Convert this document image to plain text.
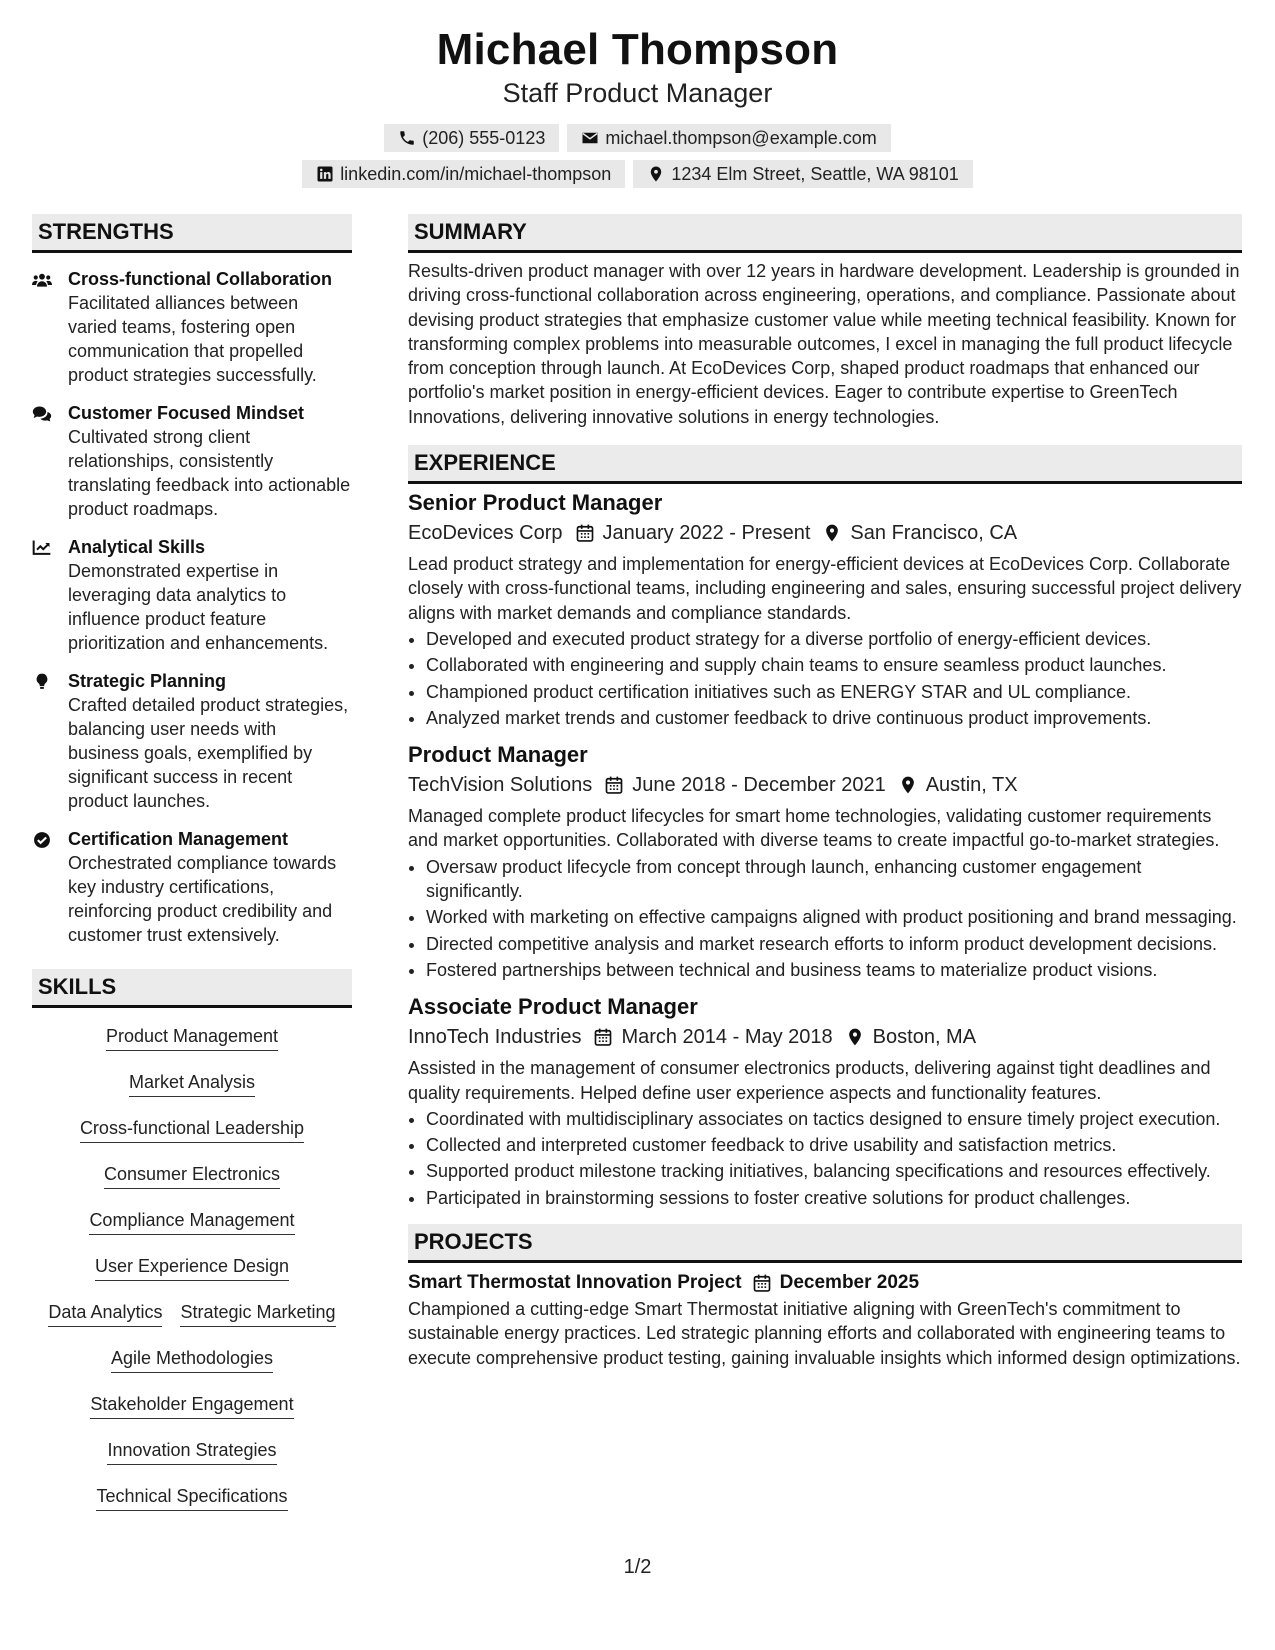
Michael Thompson
Staff Product Manager
(206) 555-0123	michael.thompson@example.com
linkedin.com/in/michael-thompson	1234 Elm Street, Seattle, WA 98101
STRENGTHS
Cross-functional Collaboration
Facilitated alliances between varied teams, fostering open communication that propelled product strategies successfully.
Customer Focused Mindset
Cultivated strong client relationships, consistently translating feedback into actionable product roadmaps.
Analytical Skills
Demonstrated expertise in leveraging data analytics to influence product feature prioritization and enhancements.
Strategic Planning
Crafted detailed product strategies, balancing user needs with business goals, exemplified by significant success in recent product launches.
Certification Management
Orchestrated compliance towards key industry certifications, reinforcing product credibility and customer trust extensively.
SKILLS
Product Management
Market Analysis
Cross-functional Leadership
Consumer Electronics
Compliance Management
User Experience Design
Data Analytics Strategic Marketing
Agile Methodologies
Stakeholder Engagement
Innovation Strategies
Technical Specifications
SUMMARY
Results-driven product manager with over 12 years in hardware development. Leadership is grounded in driving cross-functional collaboration across engineering, operations, and compliance. Passionate about devising product strategies that emphasize customer value while meeting technical feasibility. Known for transforming complex problems into measurable outcomes, I excel in managing the full product lifecycle from conception through launch. At EcoDevices Corp, shaped product roadmaps that enhanced our portfolio's market position in energy-efficient devices. Eager to contribute expertise to GreenTech Innovations, delivering innovative solutions in energy technologies.
EXPERIENCE
Senior Product Manager
EcoDevices Corp January 2022 - Present San Francisco, CA
Lead product strategy and implementation for energy-efficient devices at EcoDevices Corp. Collaborate closely with cross-functional teams, including engineering and sales, ensuring successful project delivery aligns with market demands and compliance standards.
• Developed and executed product strategy for a diverse portfolio of energy-efficient devices.
• Collaborated with engineering and supply chain teams to ensure seamless product launches.
• Championed product certification initiatives such as ENERGY STAR and UL compliance.
• Analyzed market trends and customer feedback to drive continuous product improvements.
Product Manager
TechVision Solutions June 2018 - December 2021 Austin, TX
Managed complete product lifecycles for smart home technologies, validating customer requirements and market opportunities. Collaborated with diverse teams to create impactful go-to-market strategies.
• Oversaw product lifecycle from concept through launch, enhancing customer engagement significantly.
• Worked with marketing on effective campaigns aligned with product positioning and brand messaging.
• Directed competitive analysis and market research efforts to inform product development decisions.
• Fostered partnerships between technical and business teams to materialize product visions.
Associate Product Manager
InnoTech Industries March 2014 - May 2018 Boston, MA
Assisted in the management of consumer electronics products, delivering against tight deadlines and quality requirements. Helped define user experience aspects and functionality features.
• Coordinated with multidisciplinary associates on tactics designed to ensure timely project execution.
• Collected and interpreted customer feedback to drive usability and satisfaction metrics.
• Supported product milestone tracking initiatives, balancing specifications and resources effectively.
• Participated in brainstorming sessions to foster creative solutions for product challenges.
PROJECTS
Smart Thermostat Innovation Project December 2025
Championed a cutting-edge Smart Thermostat initiative aligning with GreenTech's commitment to sustainable energy practices. Led strategic planning efforts and collaborated with engineering teams to execute comprehensive product testing, gaining invaluable insights which informed design optimizations.
1/2
